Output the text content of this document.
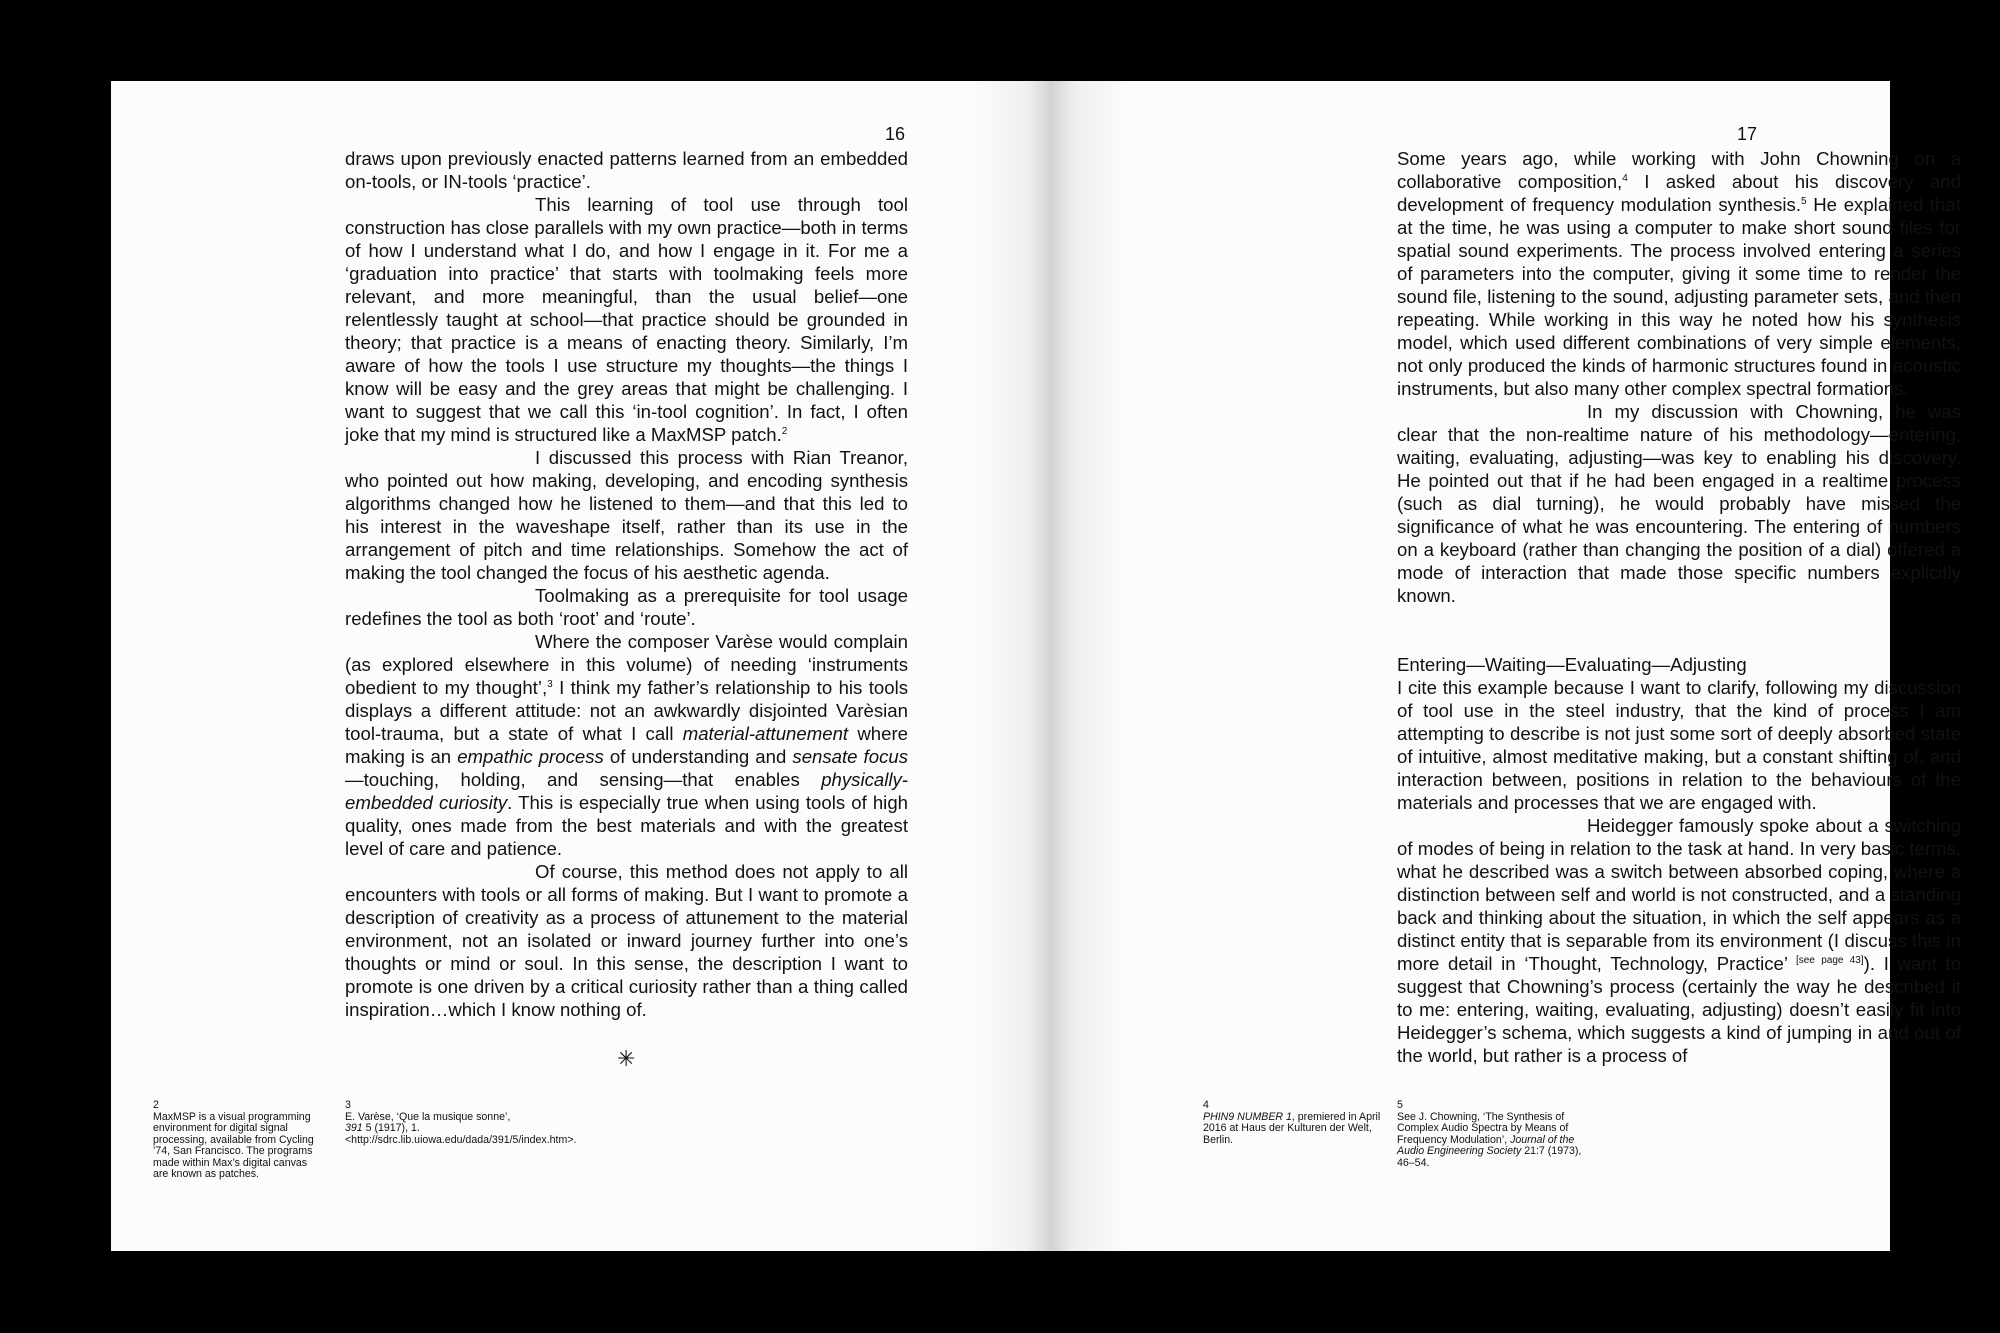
16

draws upon previously enacted patterns learned from an embedded on-tools, or IN-tools ‘practice’.

This learning of tool use through tool construction has close parallels with my own practice—both in terms of how I understand what I do, and how I engage in it. For me a ‘graduation into practice’ that starts with toolmaking feels more relevant, and more meaningful, than the usual belief—one relentlessly taught at school—that practice should be grounded in theory; that practice is a means of enacting theory. Similarly, I’m aware of how the tools I use structure my thoughts—the things I know will be easy and the grey areas that might be challenging. I want to suggest that we call this ‘in-tool cognition’. In fact, I often joke that my mind is structured like a MaxMSP patch.$^2$

I discussed this process with Rian Treanor, who pointed out how making, developing, and encoding synthesis algorithms changed how he listened to them—and that this led to his interest in the waveshape itself, rather than its use in the arrangement of pitch and time relationships. Somehow the act of making the tool changed the focus of his aesthetic agenda.

Toolmaking as a prerequisite for tool usage redefines the tool as both ‘root’ and ‘route’.

Where the composer Varèse would complain (as explored elsewhere in this volume) of needing ‘instruments obedient to my thought’,$^3$ I think my father’s relationship to his tools displays a different attitude: not an awkwardly disjointed Varèsian tool-trauma, but a state of what I call material-attunement where making is an empathic process of understanding and sensate focus—touching, holding, and sensing—that enables physically-embedded curiosity. This is especially true when using tools of high quality, ones made from the best materials and with the greatest level of care and patience.

Of course, this method does not apply to all encounters with tools or all forms of making. But I want to promote a description of creativity as a process of attunement to the material environment, not an isolated or inward journey further into one’s thoughts or mind or soul. In this sense, the description I want to promote is one driven by a critical curiosity rather than a thing called inspiration…which I know nothing of.

✳
2
MaxMSP is a visual programming environment for digital signal processing, available from Cycling ’74, San Francisco. The programs made within Max’s digital canvas are known as patches.
3
E. Varèse, ‘Que la musique sonne’, 391 5 (1917), 1. <http://sdrc.lib.uiowa.edu/dada/391/5/index.htm>.
17

Some years ago, while working with John Chowning on a collaborative composition,$^4$ I asked about his discovery and development of frequency modulation synthesis.$^5$ He explained that at the time, he was using a computer to make short sound files for spatial sound experiments. The process involved entering a series of parameters into the computer, giving it some time to render the sound file, listening to the sound, adjusting parameter sets, and then repeating. While working in this way he noted how his synthesis model, which used different combinations of very simple elements, not only produced the kinds of harmonic structures found in acoustic instruments, but also many other complex spectral formations.

In my discussion with Chowning, he was clear that the non-realtime nature of his methodology—entering, waiting, evaluating, adjusting—was key to enabling his discovery. He pointed out that if he had been engaged in a realtime process (such as dial turning), he would probably have missed the significance of what he was encountering. The entering of numbers on a keyboard (rather than changing the position of a dial) offered a mode of interaction that made those specific numbers explicitly known.

Entering—Waiting—Evaluating—Adjusting

I cite this example because I want to clarify, following my discussion of tool use in the steel industry, that the kind of process I am attempting to describe is not just some sort of deeply absorbed state of intuitive, almost meditative making, but a constant shifting of, and interaction between, positions in relation to the behaviours of the materials and processes that we are engaged with.

Heidegger famously spoke about a switching of modes of being in relation to the task at hand. In very basic terms, what he described was a switch between absorbed coping, where a distinction between self and world is not constructed, and a standing back and thinking about the situation, in which the self appears as a distinct entity that is separable from its environment (I discuss this in more detail in ‘Thought, Technology, Practice’ [see page 43]). I want to suggest that Chowning’s process (certainly the way he described it to me: entering, waiting, evaluating, adjusting) doesn’t easily fit into Heidegger’s schema, which suggests a kind of jumping in and out of the world, but rather is a process of

4
PHIN9 NUMBER 1, premiered in April 2016 at Haus der Kulturen der Welt, Berlin.
5
See J. Chowning, ‘The Synthesis of Complex Audio Spectra by Means of Frequency Modulation’, Journal of the Audio Engineering Society 21:7 (1973), 46–54.
